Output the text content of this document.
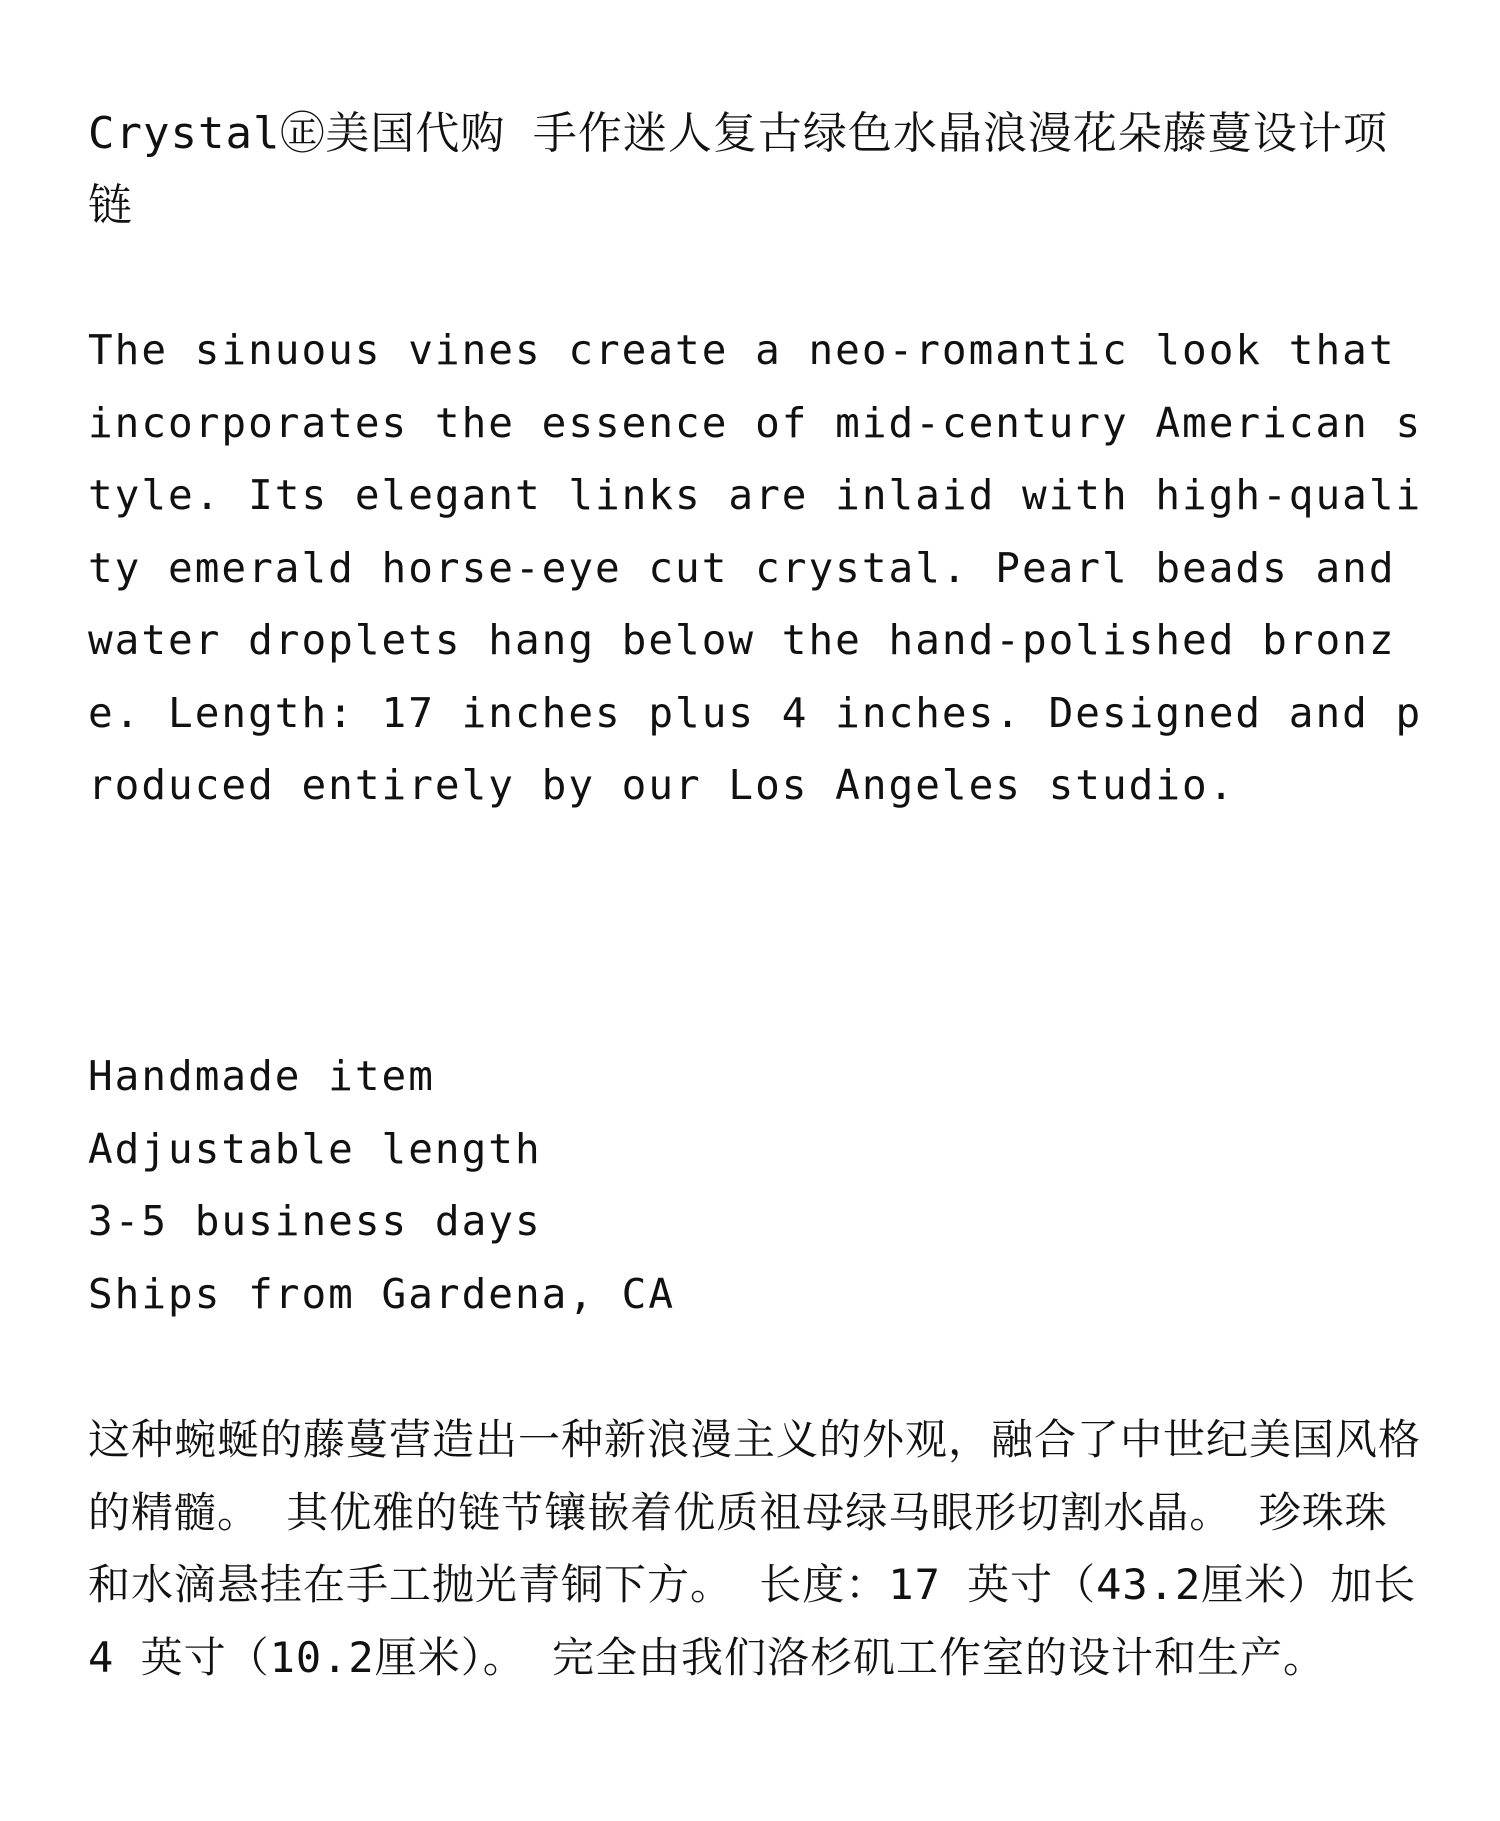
Crystal㊣美国代购 手作迷人复古绿色水晶浪漫花朵藤蔓设计项链

The sinuous vines create a neo-romantic look that incorporates the essence of mid-century American style. Its elegant links are inlaid with high-quality emerald horse-eye cut crystal. Pearl beads and water droplets hang below the hand-polished bronze. Length: 17 inches plus 4 inches. Designed and produced entirely by our Los Angeles studio.

Handmade item
Adjustable length
3-5 business days
Ships from Gardena, CA

这种蜿蜒的藤蔓营造出一种新浪漫主义的外观，融合了中世纪美国风格的精髓。 其优雅的链节镶嵌着优质祖母绿马眼形切割水晶。 珍珠珠和水滴悬挂在手工抛光青铜下方。 长度：17 英寸（43.2厘米）加长 4 英寸（10.2厘米）。 完全由我们洛杉矶工作室的设计和生产。
